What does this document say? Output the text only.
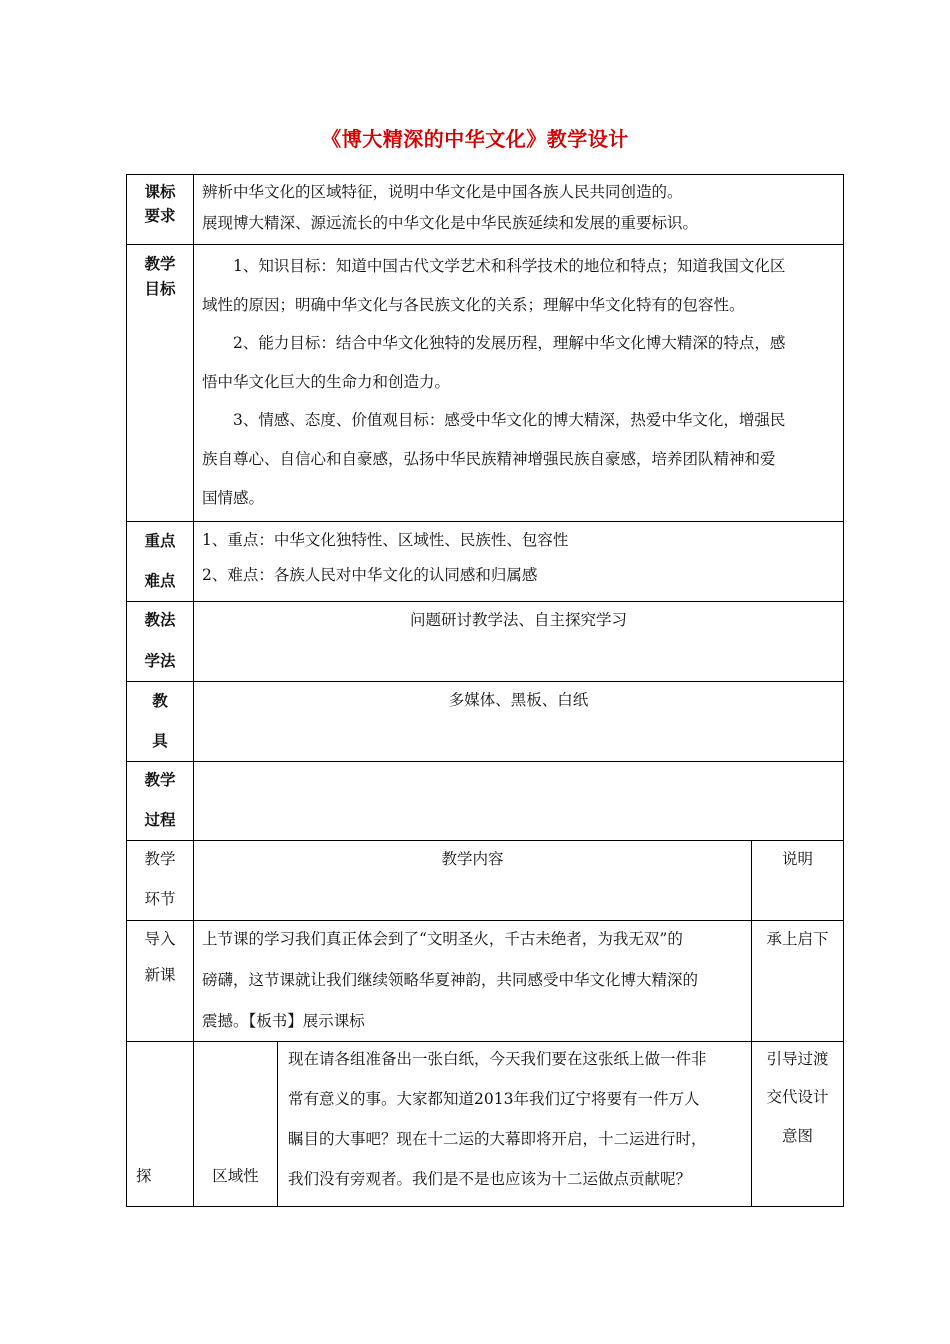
《博大精深的中华文化》教学设计
课标
要求
辨析中华文化的区域特征，说明中华文化是中国各族人民共同创造的。
展现博大精深、源远流长的中华文化是中华民族延续和发展的重要标识。
教学
目标
1、知识目标：知道中国古代文学艺术和科学技术的地位和特点；知道我国文化区
域性的原因；明确中华文化与各民族文化的关系；理解中华文化特有的包容性。
2、能力目标：结合中华文化独特的发展历程，理解中华文化博大精深的特点，感
悟中华文化巨大的生命力和创造力。
3、情感、态度、价值观目标：感受中华文化的博大精深，热爱中华文化，增强民
族自尊心、自信心和自豪感，弘扬中华民族精神增强民族自豪感，培养团队精神和爱
国情感。
重点
难点
1、重点：中华文化独特性、区域性、民族性、包容性
2、难点：各族人民对中华文化的认同感和归属感
教法
学法
问题研讨教学法、自主探究学习
教
具
多媒体、黑板、白纸
教学
过程
教学
环节
教学内容	说明
导入
新课
上节课的学习我们真正体会到了“文明圣火，千古未绝者，为我无双”的
磅礴，这节课就让我们继续领略华夏神韵，共同感受中华文化博大精深的
震撼。【板书】展示课标
承上启下
探	区域性
现在请各组准备出一张白纸，今天我们要在这张纸上做一件非
常有意义的事。大家都知道2013年我们辽宁将要有一件万人
瞩目的大事吧？现在十二运的大幕即将开启，十二运进行时，
我们没有旁观者。我们是不是也应该为十二运做点贡献呢？
引导过渡
交代设计
意图
